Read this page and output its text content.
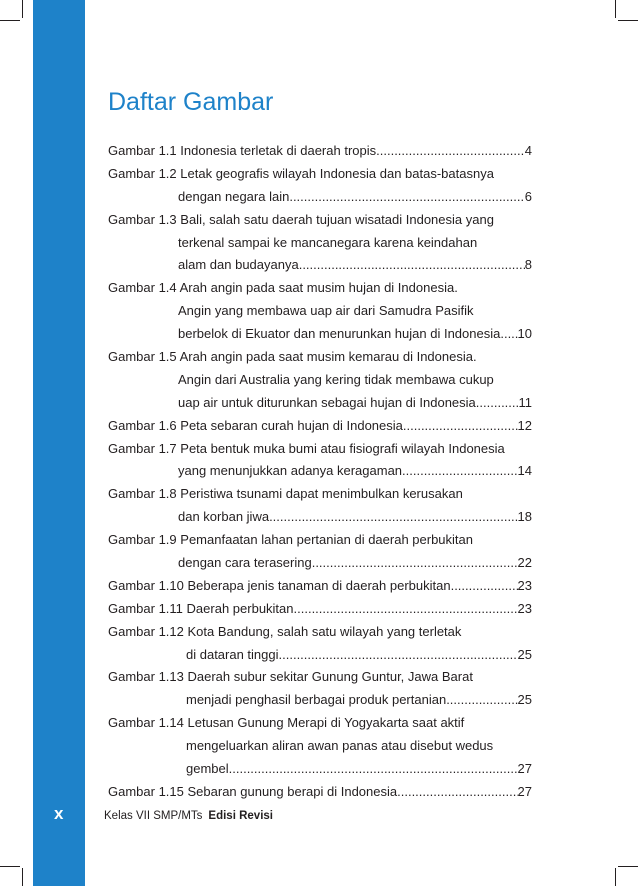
x
Daftar Gambar
Gambar 1.1 Indonesia terletak di daerah tropis .....	4
Gambar 1.2 Letak geografis wilayah Indonesia dan batas-batasnya
dengan negara lain .....	6
Gambar 1.3 Bali, salah satu daerah tujuan wisatadi Indonesia yang
terkenal sampai ke mancanegara karena keindahan
alam dan budayanya .....	8
Gambar 1.4 Arah angin pada saat musim hujan di Indonesia.
Angin yang membawa uap air dari Samudra Pasifik
berbelok di Ekuator dan menurunkan hujan di Indonesia ..... 10
Gambar 1.5 Arah angin pada saat musim kemarau di Indonesia.
Angin dari Australia yang kering tidak membawa cukup
uap air untuk diturunkan sebagai hujan di Indonesia .....	11
Gambar 1.6 Peta sebaran curah hujan di Indonesia .....	12
Gambar 1.7 Peta bentuk muka bumi atau fisiografi wilayah Indonesia
yang menunjukkan adanya keragaman .....	14
Gambar 1.8 Peristiwa tsunami dapat menimbulkan kerusakan
dan korban jiwa .....	18
Gambar 1.9 Pemanfaatan lahan pertanian di daerah perbukitan
dengan cara terasering .....	22
Gambar 1.10 Beberapa jenis tanaman di daerah perbukitan .....	23
Gambar 1.11 Daerah perbukitan .....	23
Gambar 1.12 Kota Bandung, salah satu wilayah yang terletak
di dataran tinggi .....	25
Gambar 1.13 Daerah subur sekitar Gunung Guntur, Jawa Barat
menjadi penghasil berbagai produk pertanian .....	25
Gambar 1.14 Letusan Gunung Merapi di Yogyakarta saat aktif
mengeluarkan aliran awan panas atau disebut wedus
gembel .....	27
Gambar 1.15 Sebaran gunung berapi di Indonesia .....	27
Kelas VII SMP/MTs Edisi Revisi
